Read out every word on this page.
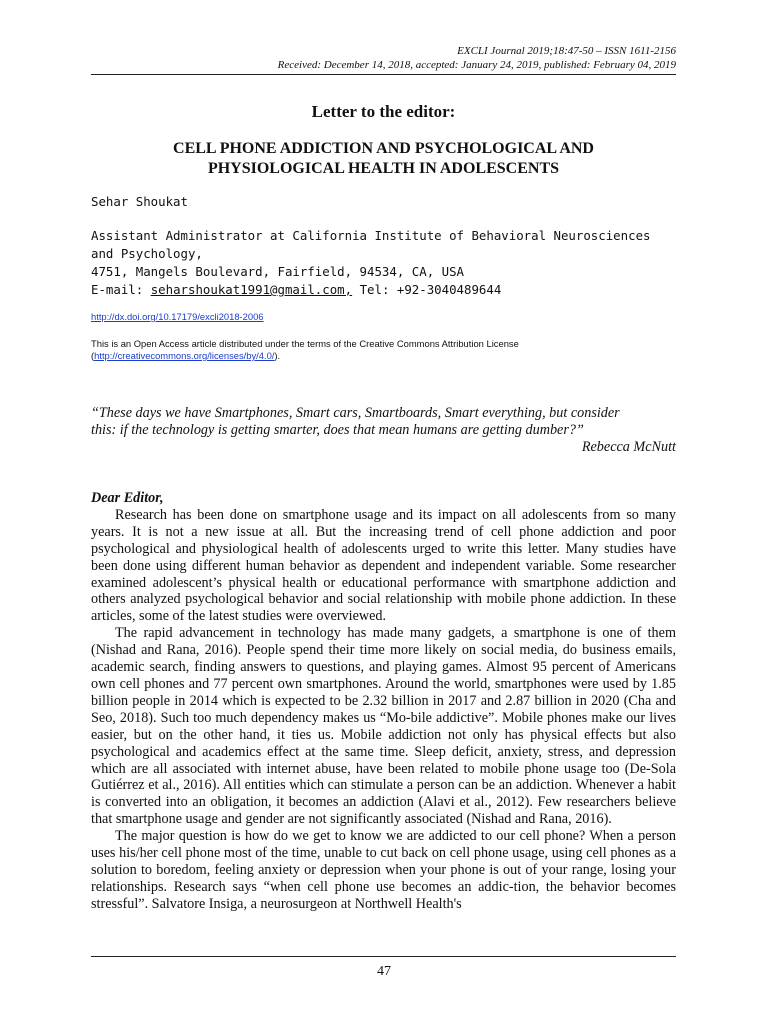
EXCLI Journal 2019;18:47-50 – ISSN 1611-2156
Received: December 14, 2018, accepted: January 24, 2019, published: February 04, 2019
Letter to the editor:
CELL PHONE ADDICTION AND PSYCHOLOGICAL AND
PHYSIOLOGICAL HEALTH IN ADOLESCENTS
Sehar Shoukat
Assistant Administrator at California Institute of Behavioral Neurosciences and Psychology,
4751, Mangels Boulevard, Fairfield, 94534, CA, USA
E-mail: seharshoukat1991@gmail.com, Tel: +92-3040489644
http://dx.doi.org/10.17179/excli2018-2006
This is an Open Access article distributed under the terms of the Creative Commons Attribution License
(http://creativecommons.org/licenses/by/4.0/).
“These days we have Smartphones, Smart cars, Smartboards, Smart everything, but consider
this: if the technology is getting smarter, does that mean humans are getting dumber?”
Rebecca McNutt
Dear Editor,

Research has been done on smartphone usage and its impact on all adolescents from so many years. It is not a new issue at all. But the increasing trend of cell phone addiction and poor psychological and physiological health of adolescents urged to write this letter. Many studies have been done using different human behavior as dependent and independent variable. Some researcher examined adolescent’s physical health or educational performance with smartphone addiction and others analyzed psychological behavior and social relationship with mobile phone addiction. In these articles, some of the latest studies were overviewed.

The rapid advancement in technology has made many gadgets, a smartphone is one of them (Nishad and Rana, 2016). People spend their time more likely on social media, do business emails, academic search, finding answers to questions, and playing games. Almost 95 percent of Americans own cell phones and 77 percent own smartphones. Around the world, smartphones were used by 1.85 billion people in 2014 which is expected to be 2.32 billion in 2017 and 2.87 billion in 2020 (Cha and Seo, 2018). Such too much dependency makes us “Mo-bile addictive”. Mobile phones make our lives easier, but on the other hand, it ties us. Mobile addiction not only has physical effects but also psychological and academics effect at the same time. Sleep deficit, anxiety, stress, and depression which are all associated with internet abuse, have been related to mobile phone usage too (De-Sola Gutiérrez et al., 2016). All entities which can stimulate a person can be an addiction. Whenever a habit is converted into an obligation, it becomes an addiction (Alavi et al., 2012). Few researchers believe that smartphone usage and gender are not significantly associated (Nishad and Rana, 2016).

The major question is how do we get to know we are addicted to our cell phone? When a person uses his/her cell phone most of the time, unable to cut back on cell phone usage, using cell phones as a solution to boredom, feeling anxiety or depression when your phone is out of your range, losing your relationships. Research says “when cell phone use becomes an addic-tion, the behavior becomes stressful”. Salvatore Insiga, a neurosurgeon at Northwell Health's

47
